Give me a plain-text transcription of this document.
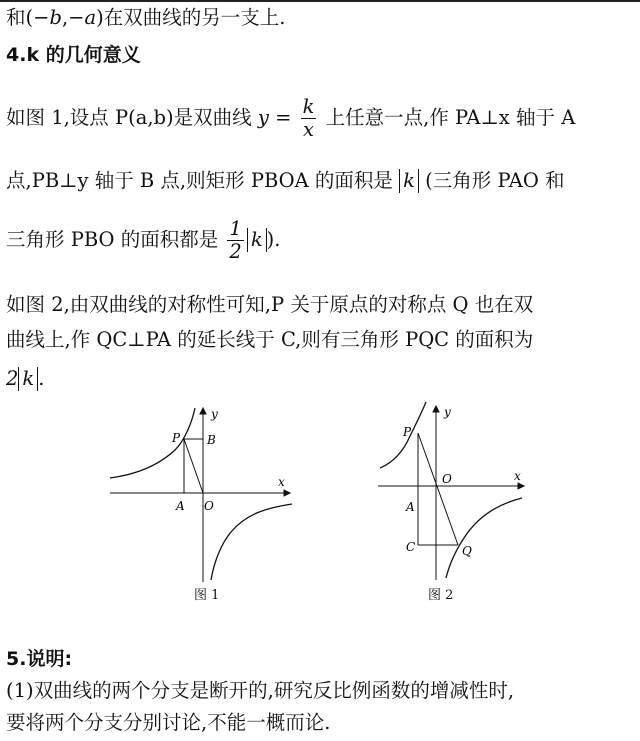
和(−b,−a)在双曲线的另一支上.
4.k 的几何意义
如图 1,设点 P(a,b)是双曲线 $y = \frac{k}{x}$ 上任意一点,作 PA⊥x 轴于 A
点,PB⊥y 轴于 B 点,则矩形 PBOA 的面积是 k (三角形 PAO 和
三角形 PBO 的面积都是 $\frac{1}{2}$ k ).
如图 2,由双曲线的对称性可知,P 关于原点的对称点 Q 也在双
曲线上,作 QC⊥PA 的延长线于 C,则有三角形 PQC 的面积为
2 k .
y
x
P B
A O
图 1
y
x
P
O
A
C	Q
图 2
5.说明:
(1)双曲线的两个分支是断开的,研究反比例函数的增减性时,
要将两个分支分别讨论,不能一概而论.
